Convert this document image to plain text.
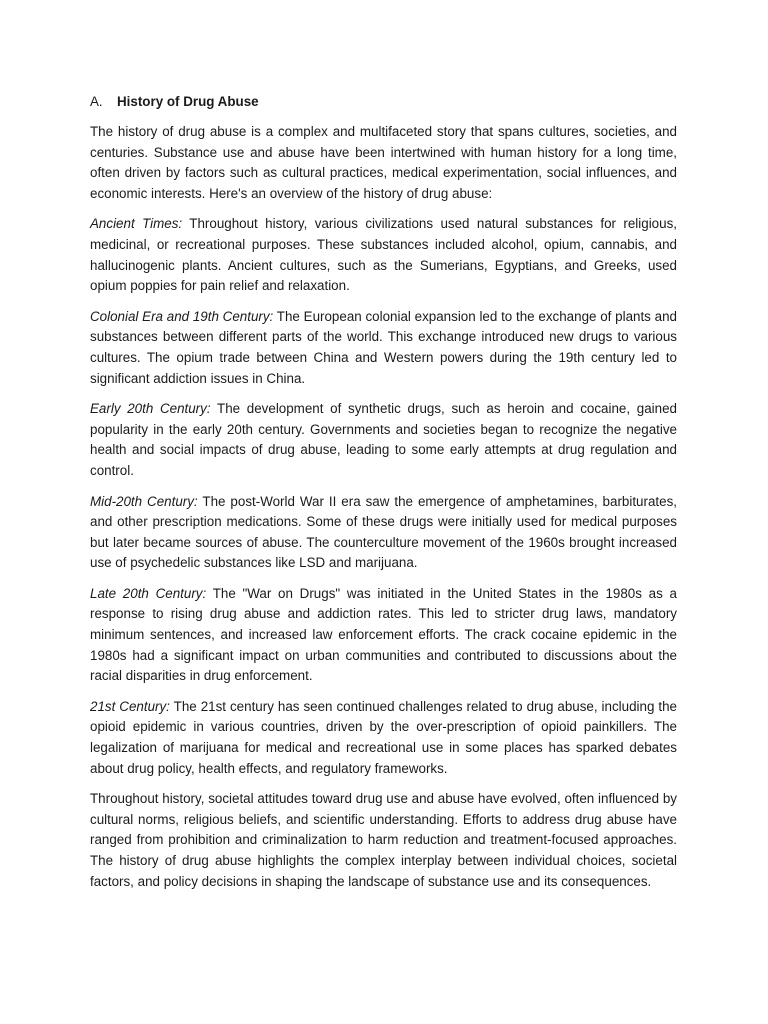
A.	History of Drug Abuse

The history of drug abuse is a complex and multifaceted story that spans cultures, societies, and centuries. Substance use and abuse have been intertwined with human history for a long time, often driven by factors such as cultural practices, medical experimentation, social influences, and economic interests. Here's an overview of the history of drug abuse:

Ancient Times: Throughout history, various civilizations used natural substances for religious, medicinal, or recreational purposes. These substances included alcohol, opium, cannabis, and hallucinogenic plants. Ancient cultures, such as the Sumerians, Egyptians, and Greeks, used opium poppies for pain relief and relaxation.

Colonial Era and 19th Century: The European colonial expansion led to the exchange of plants and substances between different parts of the world. This exchange introduced new drugs to various cultures. The opium trade between China and Western powers during the 19th century led to significant addiction issues in China.

Early 20th Century: The development of synthetic drugs, such as heroin and cocaine, gained popularity in the early 20th century. Governments and societies began to recognize the negative health and social impacts of drug abuse, leading to some early attempts at drug regulation and control.

Mid-20th Century: The post-World War II era saw the emergence of amphetamines, barbiturates, and other prescription medications. Some of these drugs were initially used for medical purposes but later became sources of abuse. The counterculture movement of the 1960s brought increased use of psychedelic substances like LSD and marijuana.

Late 20th Century: The "War on Drugs" was initiated in the United States in the 1980s as a response to rising drug abuse and addiction rates. This led to stricter drug laws, mandatory minimum sentences, and increased law enforcement efforts. The crack cocaine epidemic in the 1980s had a significant impact on urban communities and contributed to discussions about the racial disparities in drug enforcement.

21st Century: The 21st century has seen continued challenges related to drug abuse, including the opioid epidemic in various countries, driven by the over-prescription of opioid painkillers. The legalization of marijuana for medical and recreational use in some places has sparked debates about drug policy, health effects, and regulatory frameworks.

Throughout history, societal attitudes toward drug use and abuse have evolved, often influenced by cultural norms, religious beliefs, and scientific understanding. Efforts to address drug abuse have ranged from prohibition and criminalization to harm reduction and treatment-focused approaches. The history of drug abuse highlights the complex interplay between individual choices, societal factors, and policy decisions in shaping the landscape of substance use and its consequences.
